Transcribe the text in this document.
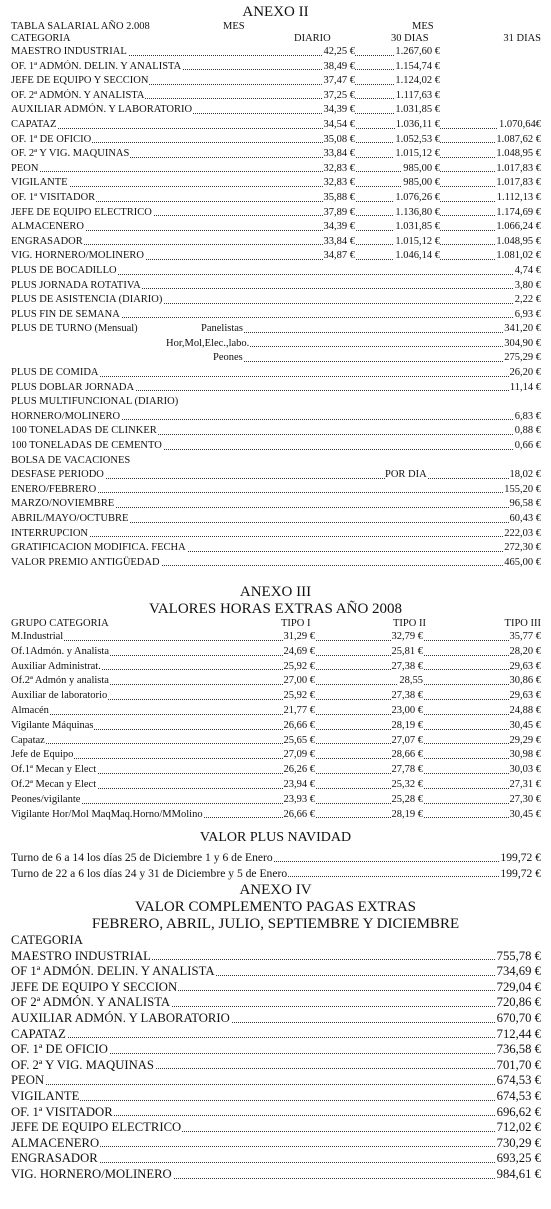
ANEXO II
TABLA SALARIAL AÑO 2.008	MES	MES
CATEGORIA	DIARIO	30 DIAS	31 DIAS
MAESTRO INDUSTRIAL	42,25 €	1.267,60 €
OF. 1ª ADMÓN. DELIN. Y ANALISTA	38,49 €	1.154,74 €
JEFE DE EQUIPO Y SECCION	37,47 €	1.124,02 €
OF. 2ª ADMÓN. Y ANALISTA	37,25 €	1.117,63 €
AUXILIAR ADMÓN. Y LABORATORIO	34,39 €	1.031,85 €
CAPATAZ	34,54 €	1.036,11 €	1.070,64€
OF. 1ª DE OFICIO	35,08 €	1.052,53 €	1.087,62 €
OF. 2ª Y VIG. MAQUINAS	33,84 €	1.015,12 €	1.048,95 €
PEON	32,83 €	985,00 €	1.017,83 €
VIGILANTE	32,83 €	985,00 €	1.017,83 €
OF. 1ª VISITADOR	35,88 €	1.076,26 €	1.112,13 €
JEFE DE EQUIPO ELECTRICO	37,89 €	1.136,80 €	1.174,69 €
ALMACENERO	34,39 €	1.031,85 €	1.066,24 €
ENGRASADOR	33,84 €	1.015,12 €	1.048,95 €
VIG. HORNERO/MOLINERO	34,87 €	1.046,14 €	1.081,02 €
PLUS DE BOCADILLO	4,74 €
PLUS JORNADA ROTATIVA	3,80 €
PLUS DE ASISTENCIA (DIARIO)	2,22 €
PLUS FIN DE SEMANA	6,93 €
PLUS DE TURNO (Mensual)	Panelistas	341,20 €
Hor,Mol,Elec.,labo.	304,90 €
Peones	275,29 €
PLUS DE COMIDA	26,20 €
PLUS DOBLAR JORNADA	11,14 €
PLUS MULTIFUNCIONAL (DIARIO)
HORNERO/MOLINERO	6,83 €
100 TONELADAS DE CLINKER	0,88 €
100 TONELADAS DE CEMENTO	0,66 €
BOLSA DE VACACIONES
DESFASE PERIODO	POR DIA	18,02 €
ENERO/FEBRERO	155,20 €
MARZO/NOVIEMBRE	96,58 €
ABRIL/MAYO/OCTUBRE	60,43 €
INTERRUPCION	222,03 €
GRATIFICACION MODIFICA. FECHA	272,30 €
VALOR PREMIO ANTIGÜEDAD	465,00 €
ANEXO III
VALORES HORAS EXTRAS AÑO 2008
GRUPO CATEGORIA	TIPO I	TIPO II	TIPO III
M.Industrial	31,29 €	32,79 €	35,77 €
Of.1Admón. y Analista	24,69 €	25,81 €	28,20 €
Auxiliar Administrat.	25,92 €	27,38 €	29,63 €
Of.2ª Admón y analista	27,00 €	28,55	30,86 €
Auxiliar de laboratorio	25,92 €	27,38 €	29,63 €
Almacén	21,77 €	23,00 €	24,88 €
Vigilante Máquinas	26,66 €	28,19 €	30,45 €
Capataz	25,65 €	27,07 €	29,29 €
Jefe de Equipo	27,09 €	28,66 €	30,98 €
Of.1ª Mecan y Elect	26,26 €	27,78 €	30,03 €
Of.2ª Mecan y Elect	23,94 €	25,32 €	27,31 €
Peones/vigilante	23,93 €	25,28 €	27,30 €
Vigilante Hor/Mol MaqMaq.Horno/MMolino	26,66 €	28,19 €	30,45 €
VALOR PLUS NAVIDAD
Turno de 6 a 14 los días 25 de Diciembre 1 y 6 de Enero	199,72 €
Turno de 22 a 6 los días 24 y 31 de Diciembre y 5 de Enero	199,72 €
ANEXO IV
VALOR COMPLEMENTO PAGAS EXTRAS
FEBRERO, ABRIL, JULIO, SEPTIEMBRE Y DICIEMBRE
CATEGORIA
MAESTRO INDUSTRIAL	755,78 €
OF 1ª ADMÓN. DELIN. Y ANALISTA	734,69 €
JEFE DE EQUIPO Y SECCION	729,04 €
OF 2ª ADMÓN. Y ANALISTA	720,86 €
AUXILIAR ADMÓN. Y LABORATORIO	670,70 €
CAPATAZ	712,44 €
OF. 1ª DE OFICIO	736,58 €
OF. 2ª Y VIG. MAQUINAS	701,70 €
PEON	674,53 €
VIGILANTE	674,53 €
OF. 1ª VISITADOR	696,62 €
JEFE DE EQUIPO ELECTRICO	712,02 €
ALMACENERO	730,29 €
ENGRASADOR	693,25 €
VIG. HORNERO/MOLINERO	984,61 €
